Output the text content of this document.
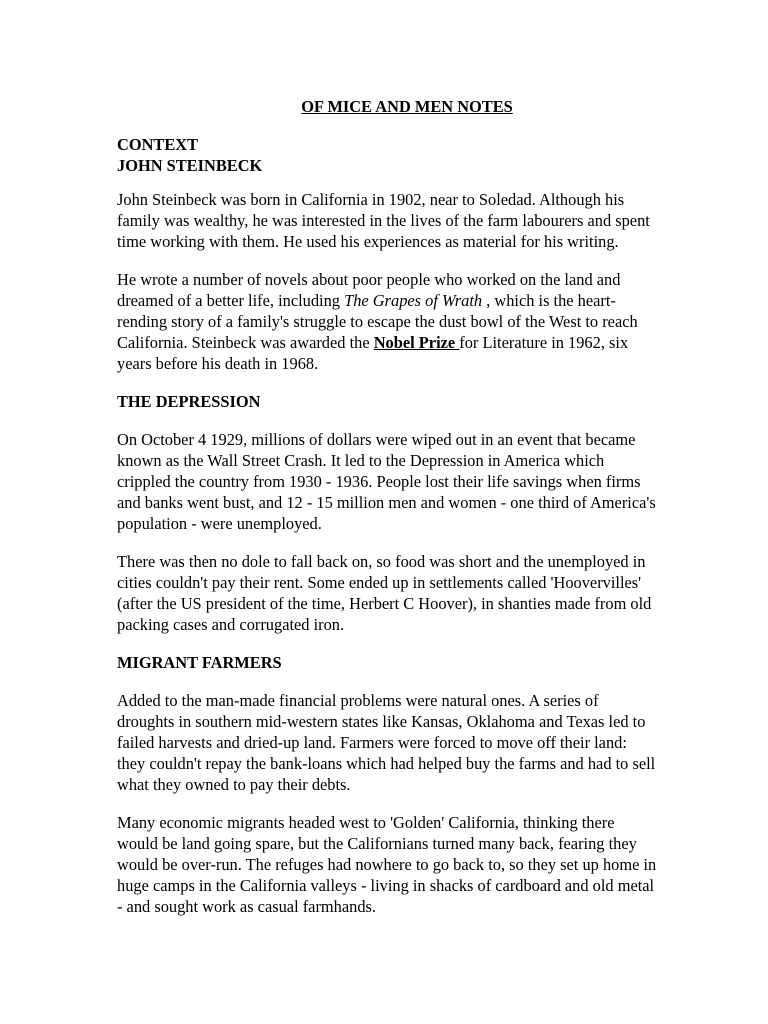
OF MICE AND MEN NOTES
CONTEXT
JOHN STEINBECK

John Steinbeck was born in California in 1902, near to Soledad. Although his family was wealthy, he was interested in the lives of the farm labourers and spent time working with them. He used his experiences as material for his writing.

He wrote a number of novels about poor people who worked on the land and dreamed of a better life, including The Grapes of Wrath , which is the heart-rending story of a family's struggle to escape the dust bowl of the West to reach California. Steinbeck was awarded the Nobel Prize for Literature in 1962, six years before his death in 1968.

THE DEPRESSION

On October 4 1929, millions of dollars were wiped out in an event that became known as the Wall Street Crash. It led to the Depression in America which crippled the country from 1930 - 1936. People lost their life savings when firms and banks went bust, and 12 - 15 million men and women - one third of America's population - were unemployed.

There was then no dole to fall back on, so food was short and the unemployed in cities couldn't pay their rent. Some ended up in settlements called 'Hoovervilles' (after the US president of the time, Herbert C Hoover), in shanties made from old packing cases and corrugated iron.

MIGRANT FARMERS

Added to the man-made financial problems were natural ones. A series of droughts in southern mid-western states like Kansas, Oklahoma and Texas led to failed harvests and dried-up land. Farmers were forced to move off their land: they couldn't repay the bank-loans which had helped buy the farms and had to sell what they owned to pay their debts.

Many economic migrants headed west to 'Golden' California, thinking there would be land going spare, but the Californians turned many back, fearing they would be over-run. The refuges had nowhere to go back to, so they set up home in huge camps in the California valleys - living in shacks of cardboard and old metal - and sought work as casual farmhands.
